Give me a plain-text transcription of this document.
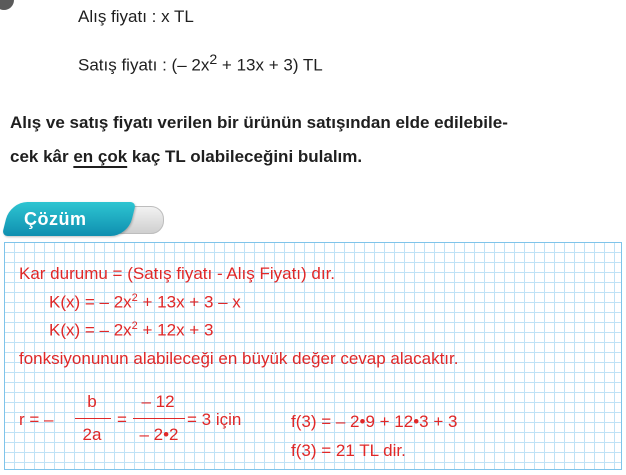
Alış fiyatı : x TL
Satış fiyatı : (– $2x^2 + 13x + 3$) TL
Alış ve satış fiyatı verilen bir ürünün satışından elde edilebile-
cek kâr en çok kaç TL olabileceğini bulalım.
Çözüm
Kar durumu = (Satış fiyatı - Alış Fiyatı) dır.
K(x) = – $2x^2 + 13x + 3 - x$
K(x) = – $2x^2 + 12x + 3$
fonksiyonunun alabileceği en büyük değer cevap alacaktır.
r = –
b
2a
=
– 12
– 2•2
= 3 için	f(3) = – 2•9 + 12•3 + 3
f(3) = 21 TL dir.
